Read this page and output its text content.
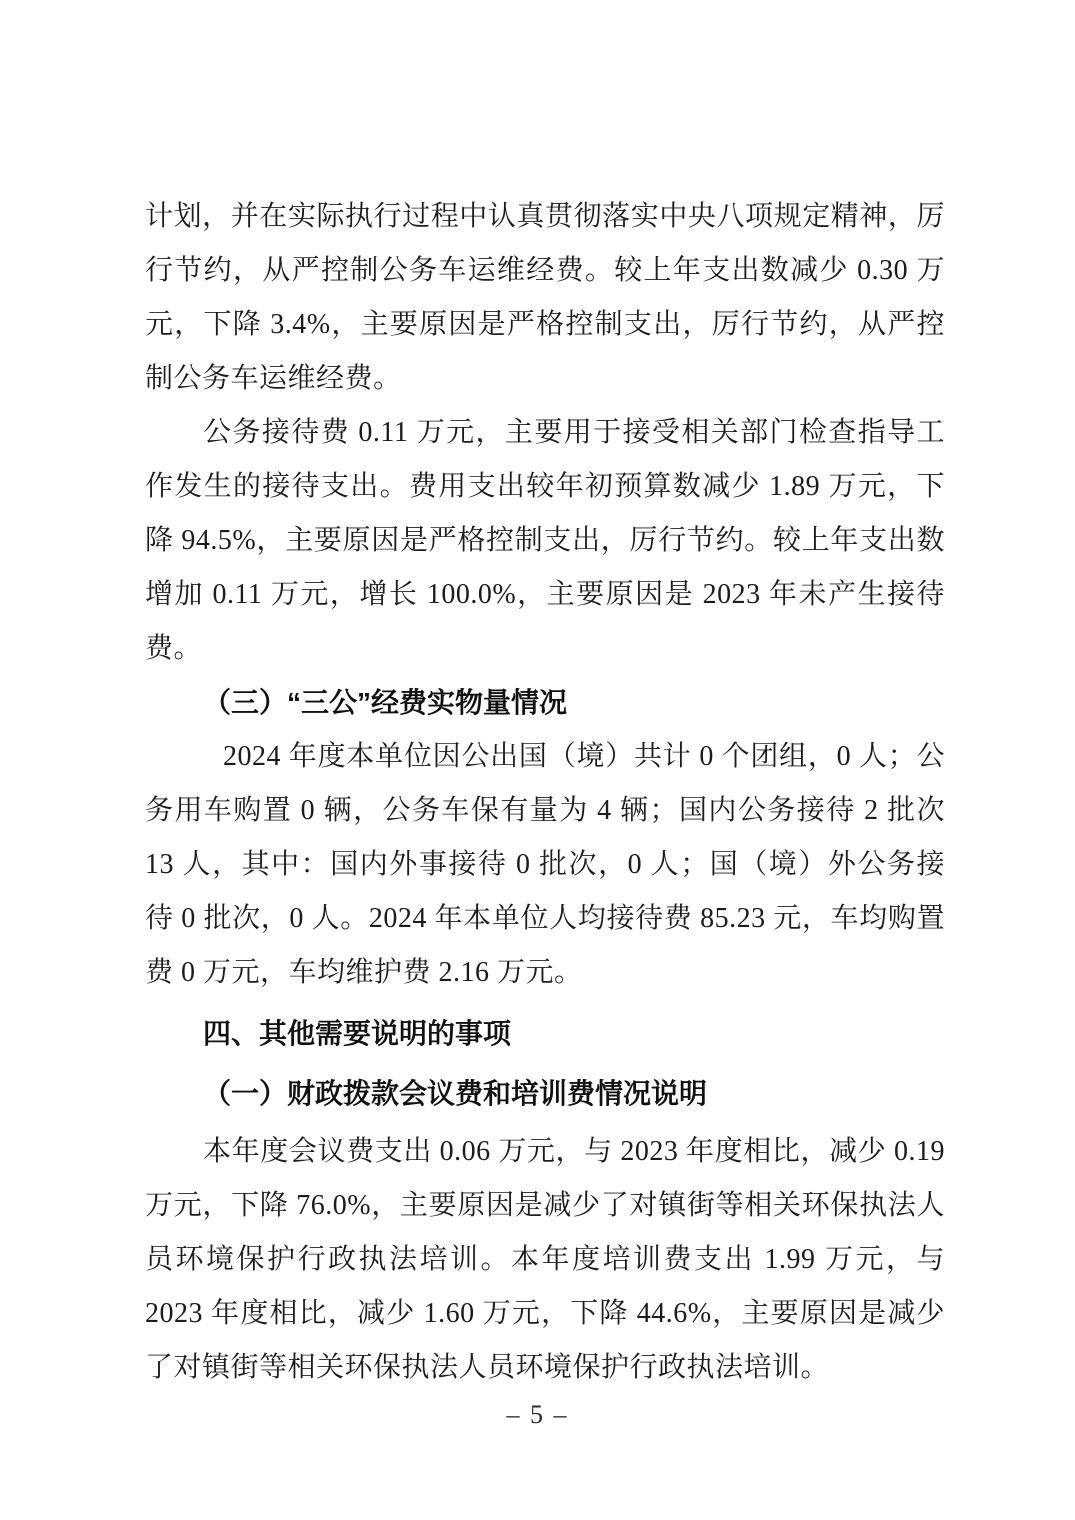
计划，并在实际执行过程中认真贯彻落实中央八项规定精神，厉行节约，从严控制公务车运维经费。较上年支出数减少 0.30 万元，下降 3.4%，主要原因是严格控制支出，厉行节约，从严控制公务车运维经费。

公务接待费 0.11 万元，主要用于接受相关部门检查指导工作发生的接待支出。费用支出较年初预算数减少 1.89 万元，下降 94.5%，主要原因是严格控制支出，厉行节约。较上年支出数增加 0.11 万元，增长 100.0%，主要原因是 2023 年未产生接待费。

（三）“三公”经费实物量情况

2024 年度本单位因公出国（境）共计 0 个团组，0 人；公务用车购置 0 辆，公务车保有量为 4 辆；国内公务接待 2 批次 13 人，其中：国内外事接待 0 批次，0 人；国（境）外公务接待 0 批次，0 人。2024 年本单位人均接待费 85.23 元，车均购置费 0 万元，车均维护费 2.16 万元。

四、其他需要说明的事项
（一）财政拨款会议费和培训费情况说明

本年度会议费支出 0.06 万元，与 2023 年度相比，减少 0.19 万元，下降 76.0%，主要原因是减少了对镇街等相关环保执法人员环境保护行政执法培训。本年度培训费支出 1.99 万元，与 2023 年度相比，减少 1.60 万元，下降 44.6%，主要原因是减少了对镇街等相关环保执法人员环境保护行政执法培训。

– 5 –
